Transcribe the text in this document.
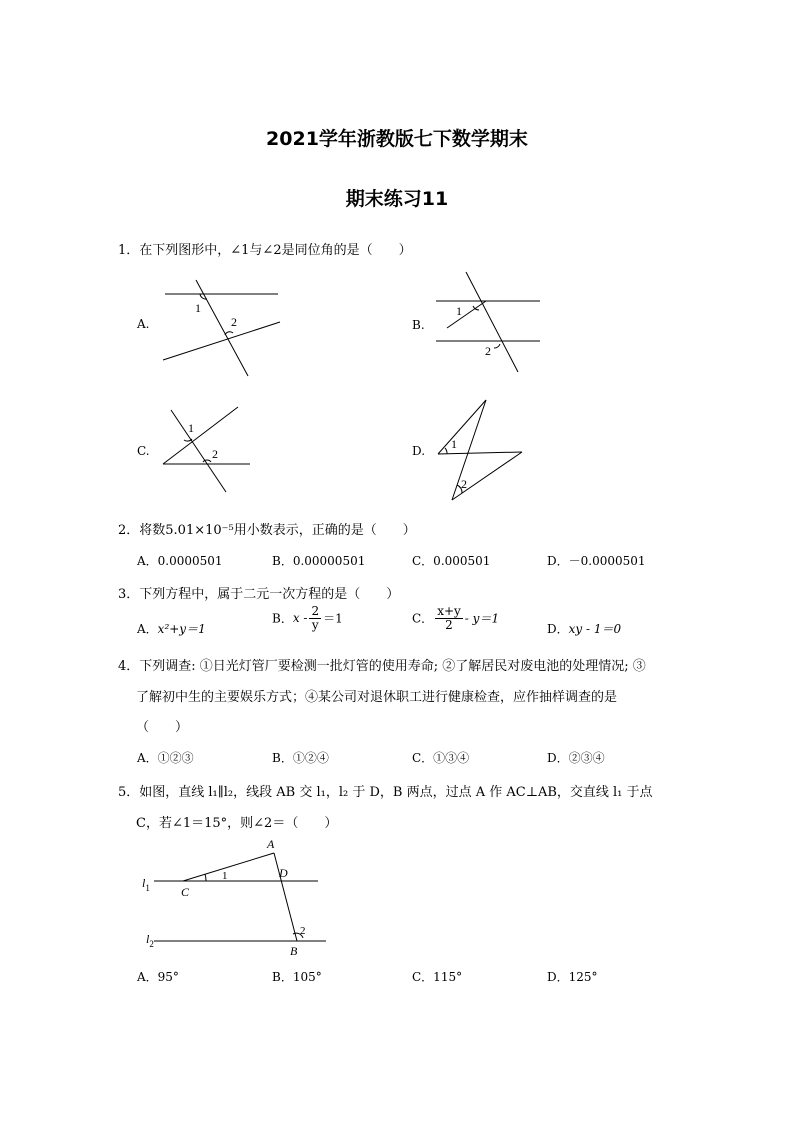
2021学年浙教版七下数学期末
期末练习11
1．在下列图形中，∠1与∠2是同位角的是（　　）
A.
1
2	B.
1
2
C.
1
2	D. 1
2
2．将数5.01×10⁻⁵用小数表示，正确的是（　　）
A．0.0000501	B．0.00000501	C．0.000501	D．－0.0000501
3．下列方程中，属于二元一次方程的是（　　）
A．x²+y＝1
B．$x - \frac{2}{y} =1$	C． $\frac{x+y}{2} - y=1$
D．xy - 1＝0
4．下列调查: ①日光灯管厂要检测一批灯管的使用寿命; ②了解居民对废电池的处理情况; ③
了解初中生的主要娱乐方式；④某公司对退休职工进行健康检查，应作抽样调查的是
（　　）
A．①②③	B．①②④	C．①③④	D．②③④
5．如图，直线 l₁∥l₂，线段 AB 交 l₁，l₂ 于 D，B 两点，过点 A 作 AC⊥AB，交直线 l₁ 于点
C，若∠1＝15°，则∠2＝（　　）
A
D
C
B
1
2
$l_1$
$l_2$
A．95°	B．105°	C．115°	D．125°
